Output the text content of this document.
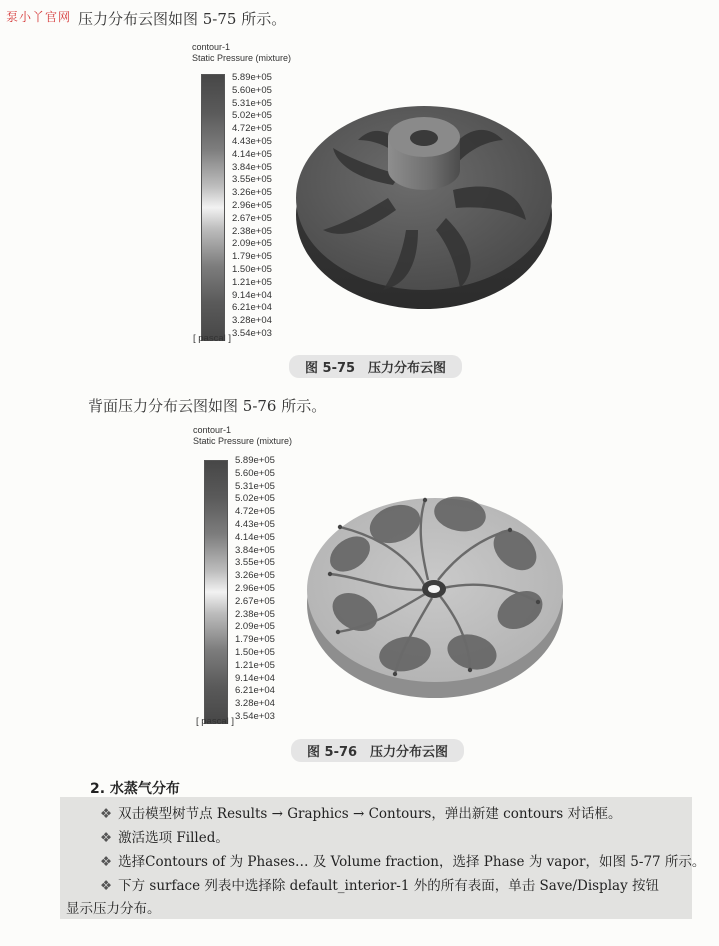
泵小丫官网 压力分布云图如图 5-75 所示。
contour-1
Static Pressure (mixture)
5.89e+05
5.60e+05
5.31e+05
5.02e+05
4.72e+05
4.43e+05
4.14e+05
3.84e+05
3.55e+05
3.26e+05
2.96e+05
2.67e+05
2.38e+05
2.09e+05
1.79e+05
1.50e+05
1.21e+05
9.14e+04
6.21e+04
3.28e+04
3.54e+03
[ pascal ]
图 5-75　压力分布云图
背面压力分布云图如图 5-76 所示。
contour-1
Static Pressure (mixture)
5.89e+05
5.60e+05
5.31e+05
5.02e+05
4.72e+05
4.43e+05
4.14e+05
3.84e+05
3.55e+05
3.26e+05
2.96e+05
2.67e+05
2.38e+05
2.09e+05
1.79e+05
1.50e+05
1.21e+05
9.14e+04
6.21e+04
3.28e+04
3.54e+03
[ pascal ]
图 5-76　压力分布云图
2. 水蒸气分布
❖ 双击模型树节点 Results → Graphics → Contours，弹出新建 contours 对话框。
❖ 激活选项 Filled。
❖ 选择Contours of 为 Phases… 及 Volume fraction，选择 Phase 为 vapor，如图 5-77 所示。
❖ 下方 surface 列表中选择除 default_interior-1 外的所有表面，单击 Save/Display 按钮
显示压力分布。
